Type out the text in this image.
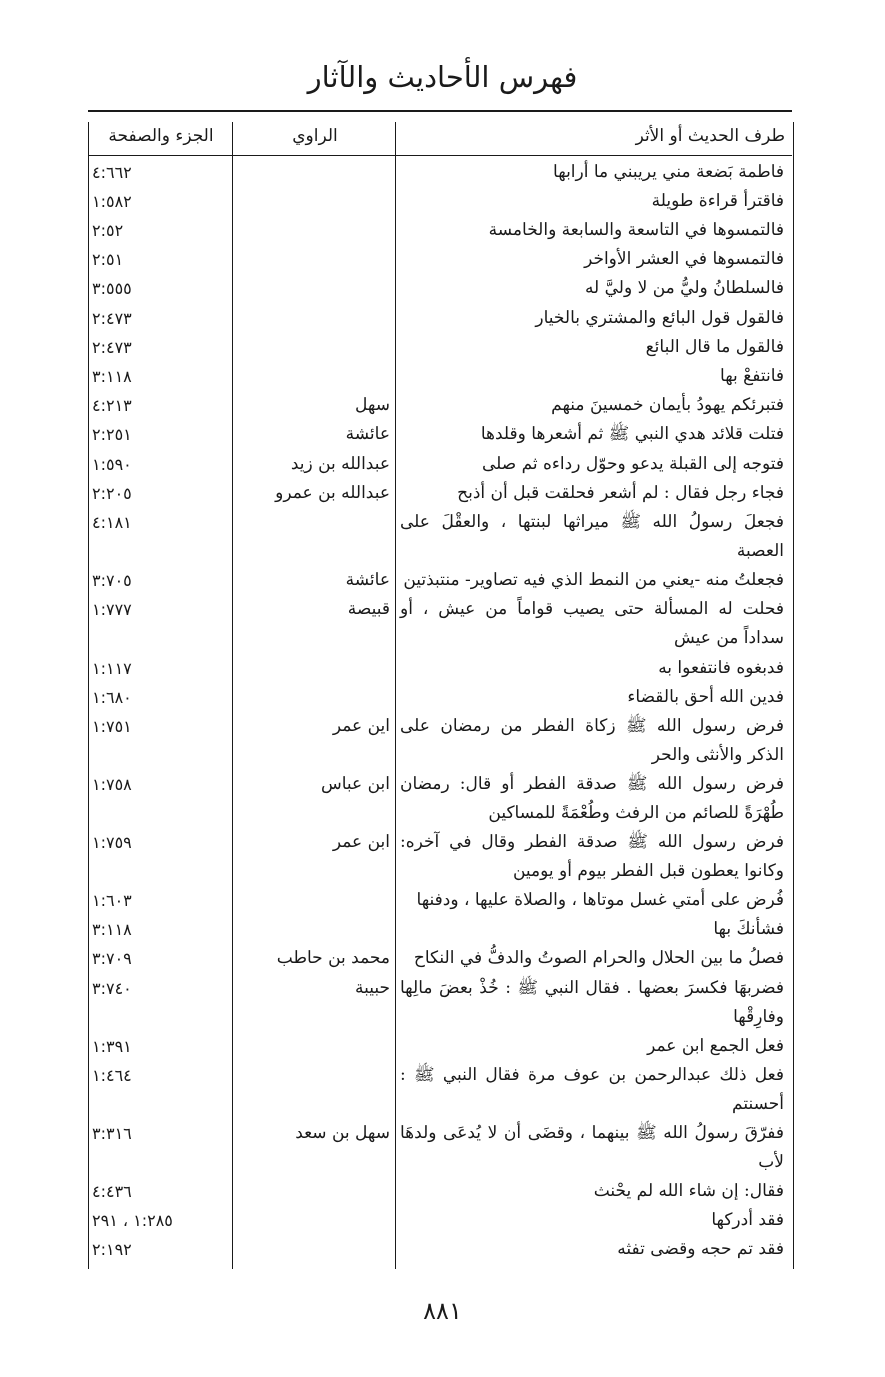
فهرس الأحاديث والآثار
طرف الحديث أو الأثر
الراوي
الجزء والصفحة
فاطمة بَضعة مني يريبني ما أرابها
٤:٦٦٢
فاقترأ قراءة طويلة
١:٥٨٢
فالتمسوها في التاسعة والسابعة والخامسة
٢:٥٢
فالتمسوها في العشر الأواخر
٢:٥١
فالسلطانُ وليُّ من لا وليَّ له
٣:٥٥٥
فالقول قول البائع والمشتري بالخيار
٢:٤٧٣
فالقول ما قال البائع
٢:٤٧٣
فانتفعْ بها
٣:١١٨
فتبرئكم يهودُ بأيمان خمسينَ منهم
سهل
٤:٢١٣
فتلت قلائد هدي النبي ﷺ ثم أشعرها وقلدها
عائشة
٢:٢٥١
فتوجه إلى القبلة يدعو وحوّل رداءه ثم صلى
عبدالله بن زيد
١:٥٩٠
فجاء رجل فقال : لم أشعر فحلقت قبل أن أذبح
عبدالله بن عمرو
٢:٢٠٥
فجعلَ رسولُ الله ﷺ ميراثها لبنتها ، والعقْلَ على العصبة
٤:١٨١
فجعلتُ منه -يعني من النمط الذي فيه تصاوير- منتبذتين
عائشة
٣:٧٠٥
فحلت له المسألة حتى يصيب قواماً من عيش ، أو سداداً من عيش
قبيصة
١:٧٧٧
فدبغوه فانتفعوا به
١:١١٧
فدين الله أحق بالقضاء
١:٦٨٠
فرض رسول الله ﷺ زكاة الفطر من رمضان على الذكر والأنثى والحر
اين عمر
١:٧٥١
فرض رسول الله ﷺ صدقة الفطر أو قال: رمضان طُهْرَةً للصائم من الرفث وطُعْمَةً للمساكين
ابن عباس
١:٧٥٨
فرض رسول الله ﷺ صدقة الفطر وقال في آخره: وكانوا يعطون قبل الفطر بيوم أو يومين
ابن عمر
١:٧٥٩
فُرض على أمتي غسل موتاها ، والصلاة عليها ، ودفنها
١:٦٠٣
فشأنكَ بها
٣:١١٨
فصلُ ما بين الحلال والحرام الصوتُ والدفُّ في النكاح
محمد بن حاطب
٣:٧٠٩
فضربهَا فكسرَ بعضها . فقال النبي ﷺ : خُذْ بعضَ مالِها وفارِقْها
حبيبة
٣:٧٤٠
فعل الجمع ابن عمر
١:٣٩١
فعل ذلك عبدالرحمن بن عوف مرة فقال النبي ﷺ : أحسنتم
١:٤٦٤
ففرّقَ رسولُ الله ﷺ بينهما ، وقضَى أن لا يُدعَى ولدهَا لأب
سهل بن سعد
٣:٣١٦
فقال: إن شاء الله لم يحْنث
٤:٤٣٦
فقد أدركها
١:٢٨٥ ، ٢٩١
فقد تم حجه وقضى تفثه
٢:١٩٢
٨٨١
